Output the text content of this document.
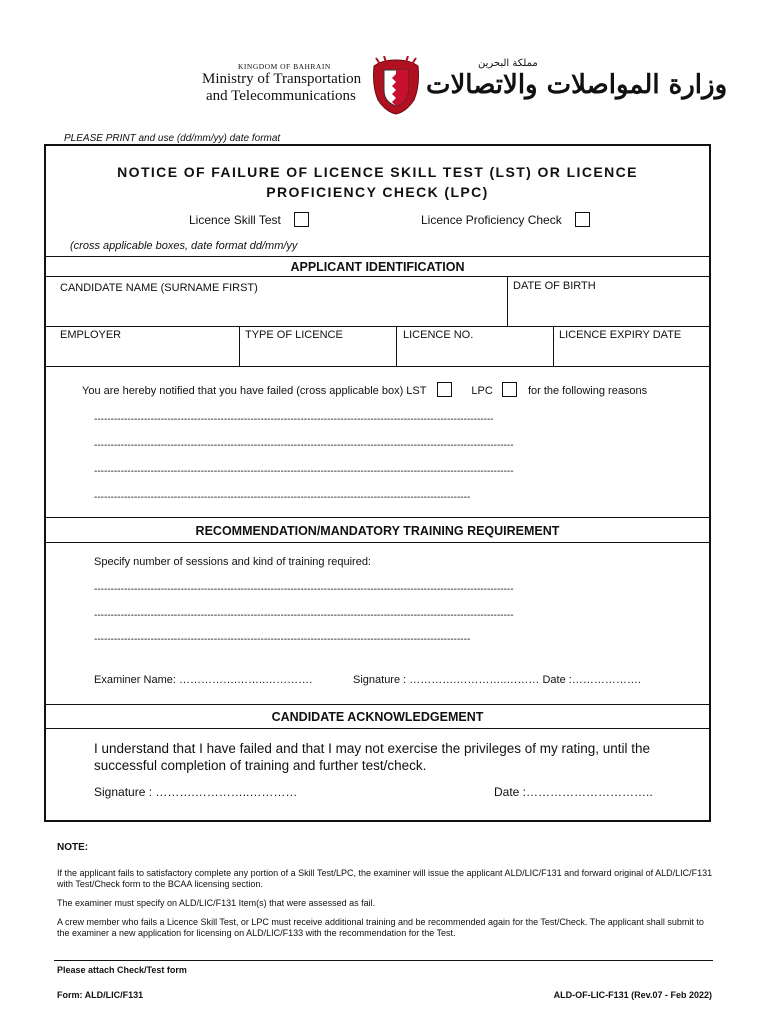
KINGDOM OF BAHRAIN
Ministry of Transportation
and Telecommunications
مملكة البحرين
وزارة المواصلات والاتصالات
PLEASE PRINT and use (dd/mm/yy) date format
NOTICE OF FAILURE OF LICENCE SKILL TEST (LST) OR LICENCE
PROFICIENCY CHECK (LPC)
Licence Skill Test	Licence Proficiency Check
(cross applicable boxes, date format dd/mm/yy
APPLICANT IDENTIFICATION
CANDIDATE NAME (SURNAME FIRST)	DATE OF BIRTH
EMPLOYER	TYPE OF LICENCE	LICENCE NO.	LICENCE EXPIRY DATE
You are hereby notified that you have failed (cross applicable box) LST	LPC	for the following reasons
------------------------------------------------------------------------------------------------------------------------
------------------------------------------------------------------------------------------------------------------------------
------------------------------------------------------------------------------------------------------------------------------
-----------------------------------------------------------------------------------------------------------------
RECOMMENDATION/MANDATORY TRAINING REQUIREMENT
Specify number of sessions and kind of training required:
------------------------------------------------------------------------------------------------------------------------------
------------------------------------------------------------------------------------------------------------------------------
-----------------------------------------------------------------------------------------------------------------
Examiner Name: …………….……..………….	Signature : ………….…………..……… Date :……………….
CANDIDATE ACKNOWLEDGEMENT
I understand that I have failed and that I may not exercise the privileges of my rating, until the successful completion of training and further test/check.
Signature : ……….…………..…………	Date :…………………………..
NOTE:

If the applicant fails to satisfactory complete any portion of a Skill Test/LPC, the examiner will issue the applicant ALD/LIC/F131 and forward original of ALD/LIC/F131 with Test/Check form to the BCAA licensing section.

The examiner must specify on ALD/LIC/F131 Item(s) that were assessed as fail.

A crew member who fails a Licence Skill Test, or LPC must receive additional training and be recommended again for the Test/Check. The applicant shall submit to the examiner a new application for licensing on ALD/LIC/F133 with the recommendation for the Test.

Please attach Check/Test form
Form: ALD/LIC/F131	ALD-OF-LIC-F131 (Rev.07 - Feb 2022)
